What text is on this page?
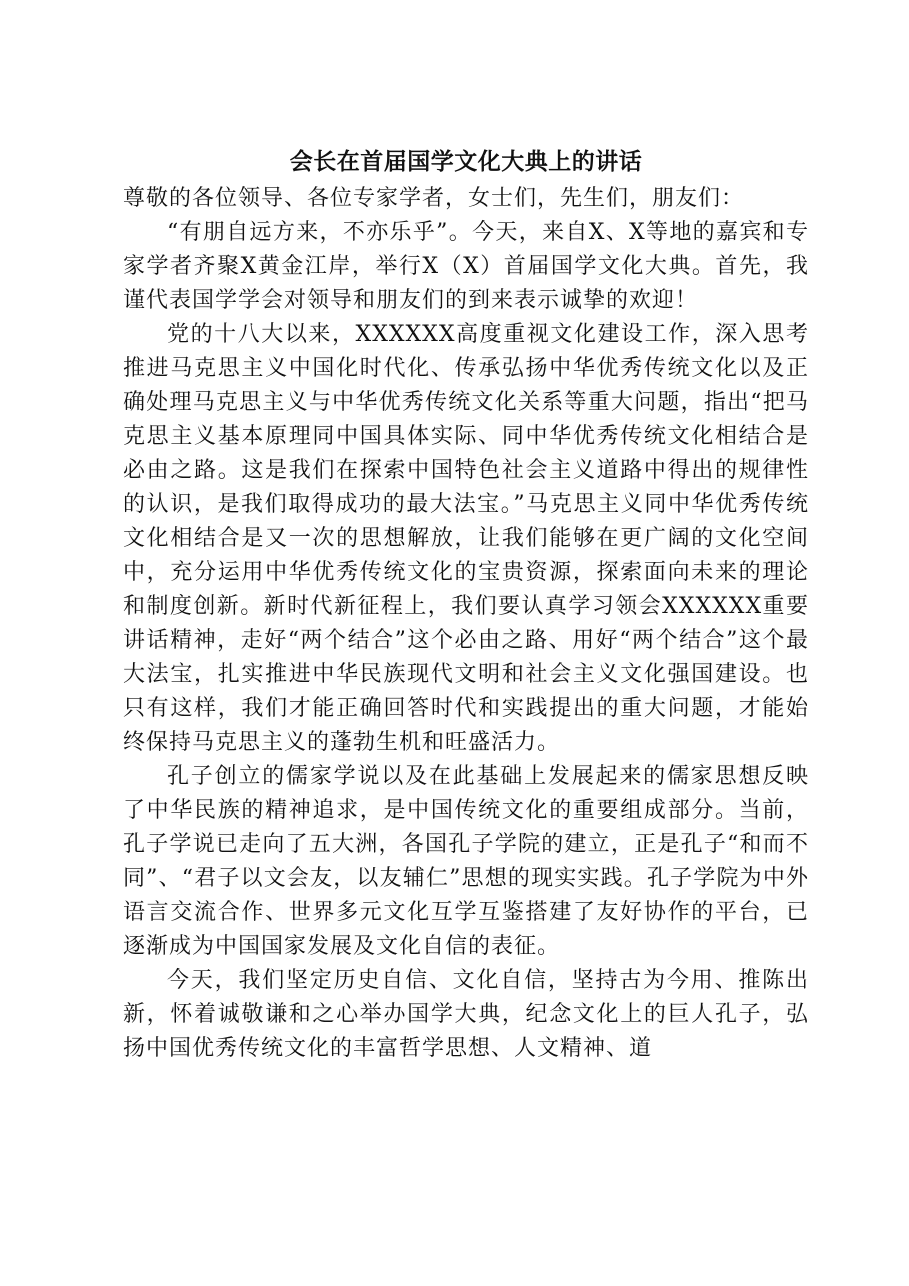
会长在首届国学文化大典上的讲话

尊敬的各位领导、各位专家学者，女士们，先生们，朋友们：

“有朋自远方来，不亦乐乎”。今天，来自X、X等地的嘉宾和专家学者齐聚X黄金江岸，举行X（X）首届国学文化大典。首先，我谨代表国学学会对领导和朋友们的到来表示诚挚的欢迎！

党的十八大以来，XXXXXX高度重视文化建设工作，深入思考推进马克思主义中国化时代化、传承弘扬中华优秀传统文化以及正确处理马克思主义与中华优秀传统文化关系等重大问题，指出“把马克思主义基本原理同中国具体实际、同中华优秀传统文化相结合是必由之路。这是我们在探索中国特色社会主义道路中得出的规律性的认识，是我们取得成功的最大法宝。”马克思主义同中华优秀传统文化相结合是又一次的思想解放，让我们能够在更广阔的文化空间中，充分运用中华优秀传统文化的宝贵资源，探索面向未来的理论和制度创新。新时代新征程上，我们要认真学习领会XXXXXX重要讲话精神，走好“两个结合”这个必由之路、用好“两个结合”这个最大法宝，扎实推进中华民族现代文明和社会主义文化强国建设。也只有这样，我们才能正确回答时代和实践提出的重大问题，才能始终保持马克思主义的蓬勃生机和旺盛活力。

孔子创立的儒家学说以及在此基础上发展起来的儒家思想反映了中华民族的精神追求，是中国传统文化的重要组成部分。当前，孔子学说已走向了五大洲，各国孔子学院的建立，正是孔子“和而不同”、“君子以文会友，以友辅仁”思想的现实实践。孔子学院为中外语言交流合作、世界多元文化互学互鉴搭建了友好协作的平台，已逐渐成为中国国家发展及文化自信的表征。

今天，我们坚定历史自信、文化自信，坚持古为今用、推陈出新，怀着诚敬谦和之心举办国学大典，纪念文化上的巨人孔子，弘扬中国优秀传统文化的丰富哲学思想、人文精神、道
